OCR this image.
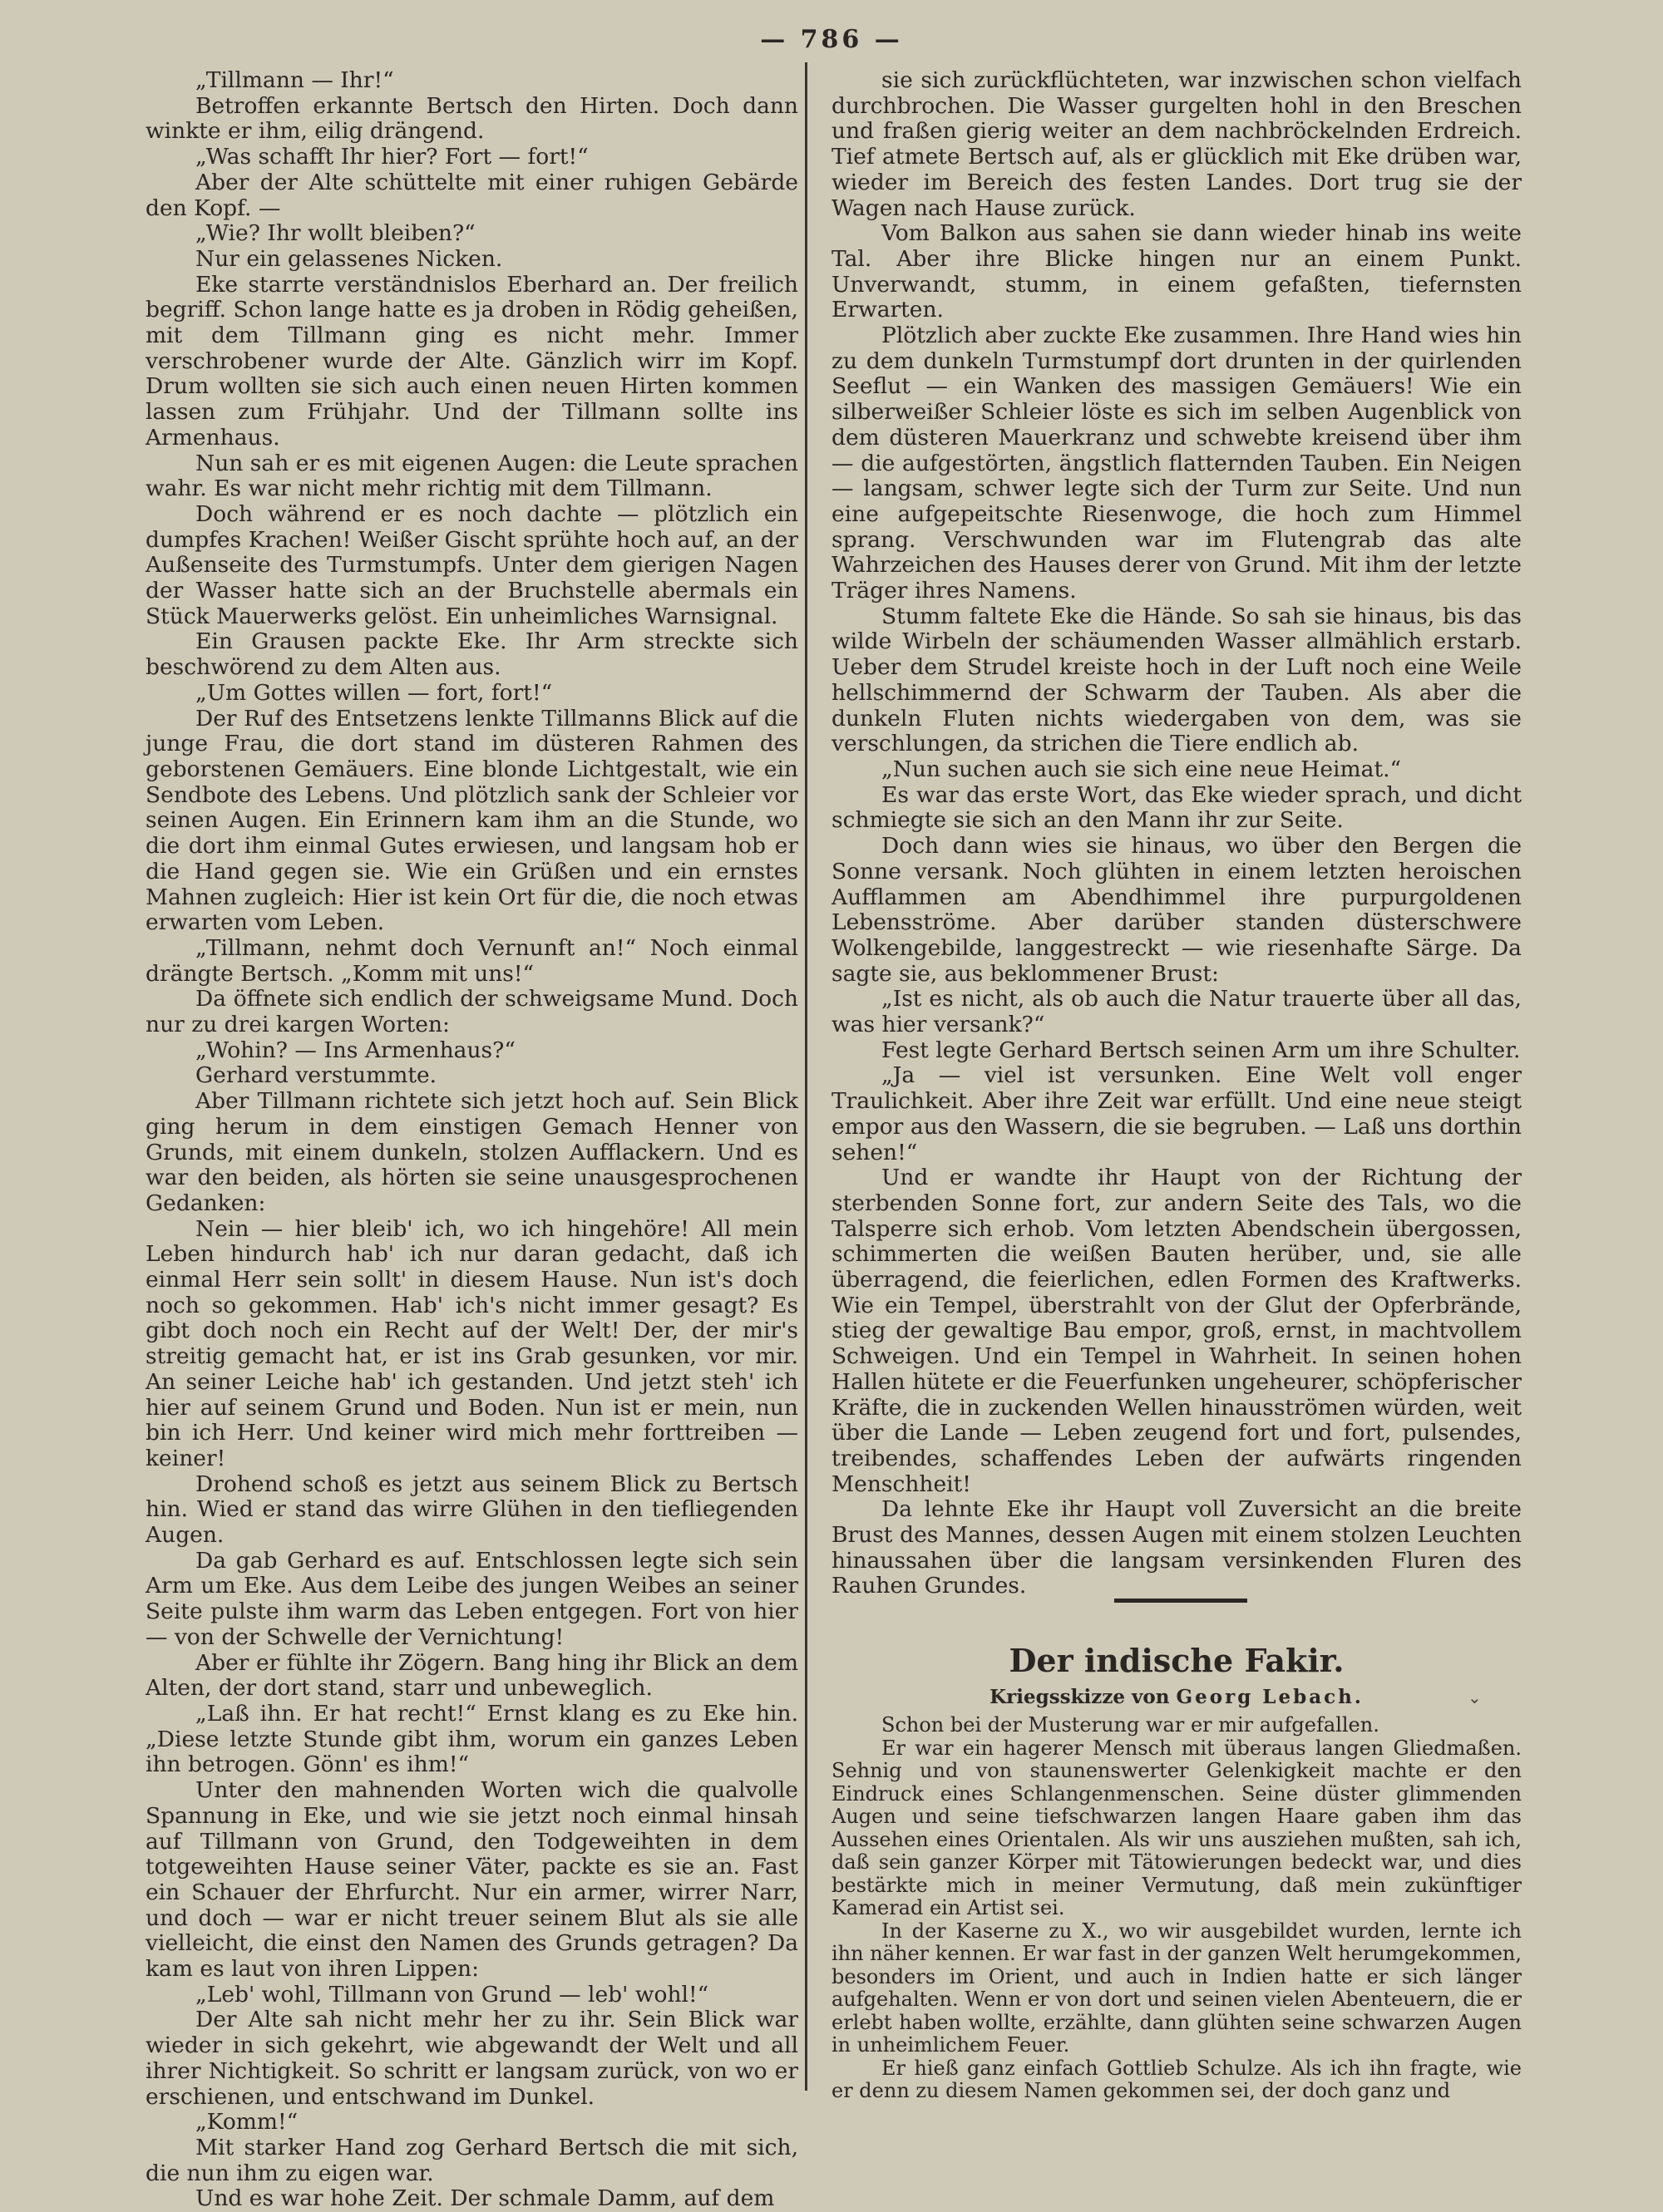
— 786 —

„Tillmann — Ihr!“

Betroffen erkannte Bertsch den Hirten. Doch dann winkte er ihm, eilig drängend.

„Was schafft Ihr hier? Fort — fort!“

Aber der Alte schüttelte mit einer ruhigen Gebärde den Kopf. —

„Wie? Ihr wollt bleiben?“

Nur ein gelassenes Nicken.

Eke starrte verständnislos Eberhard an. Der freilich begriff. Schon lange hatte es ja droben in Rödig geheißen, mit dem Tillmann ging es nicht mehr. Immer verschrobener wurde der Alte. Gänzlich wirr im Kopf. Drum wollten sie sich auch einen neuen Hirten kommen lassen zum Frühjahr. Und der Tillmann sollte ins Armenhaus.

Nun sah er es mit eigenen Augen: die Leute sprachen wahr. Es war nicht mehr richtig mit dem Tillmann.

Doch während er es noch dachte — plötzlich ein dumpfes Krachen! Weißer Gischt sprühte hoch auf, an der Außenseite des Turmstumpfs. Unter dem gierigen Nagen der Wasser hatte sich an der Bruchstelle abermals ein Stück Mauerwerks gelöst. Ein unheimliches Warnsignal.

Ein Grausen packte Eke. Ihr Arm streckte sich beschwörend zu dem Alten aus.

„Um Gottes willen — fort, fort!“

Der Ruf des Entsetzens lenkte Tillmanns Blick auf die junge Frau, die dort stand im düsteren Rahmen des geborstenen Gemäuers. Eine blonde Lichtgestalt, wie ein Sendbote des Lebens. Und plötzlich sank der Schleier vor seinen Augen. Ein Erinnern kam ihm an die Stunde, wo die dort ihm einmal Gutes erwiesen, und langsam hob er die Hand gegen sie. Wie ein Grüßen und ein ernstes Mahnen zugleich: Hier ist kein Ort für die, die noch etwas erwarten vom Leben.

„Tillmann, nehmt doch Vernunft an!“ Noch einmal drängte Bertsch. „Komm mit uns!“

Da öffnete sich endlich der schweigsame Mund. Doch nur zu drei kargen Worten:

„Wohin? — Ins Armenhaus?“

Gerhard verstummte.

Aber Tillmann richtete sich jetzt hoch auf. Sein Blick ging herum in dem einstigen Gemach Henner von Grunds, mit einem dunkeln, stolzen Aufflackern. Und es war den beiden, als hörten sie seine unausgesprochenen Gedanken:

Nein — hier bleib' ich, wo ich hingehöre! All mein Leben hindurch hab' ich nur daran gedacht, daß ich einmal Herr sein sollt' in diesem Hause. Nun ist's doch noch so gekommen. Hab' ich's nicht immer gesagt? Es gibt doch noch ein Recht auf der Welt! Der, der mir's streitig gemacht hat, er ist ins Grab gesunken, vor mir. An seiner Leiche hab' ich gestanden. Und jetzt steh' ich hier auf seinem Grund und Boden. Nun ist er mein, nun bin ich Herr. Und keiner wird mich mehr forttreiben — keiner!

Drohend schoß es jetzt aus seinem Blick zu Bertsch hin. Wied er stand das wirre Glühen in den tiefliegenden Augen.

Da gab Gerhard es auf. Entschlossen legte sich sein Arm um Eke. Aus dem Leibe des jungen Weibes an seiner Seite pulste ihm warm das Leben entgegen. Fort von hier — von der Schwelle der Vernichtung!

Aber er fühlte ihr Zögern. Bang hing ihr Blick an dem Alten, der dort stand, starr und unbeweglich.

„Laß ihn. Er hat recht!“ Ernst klang es zu Eke hin. „Diese letzte Stunde gibt ihm, worum ein ganzes Leben ihn betrogen. Gönn' es ihm!“

Unter den mahnenden Worten wich die qualvolle Spannung in Eke, und wie sie jetzt noch einmal hinsah auf Tillmann von Grund, den Todgeweihten in dem totgeweihten Hause seiner Väter, packte es sie an. Fast ein Schauer der Ehrfurcht. Nur ein armer, wirrer Narr, und doch — war er nicht treuer seinem Blut als sie alle vielleicht, die einst den Namen des Grunds getragen? Da kam es laut von ihren Lippen:

„Leb' wohl, Tillmann von Grund — leb' wohl!“

Der Alte sah nicht mehr her zu ihr. Sein Blick war wieder in sich gekehrt, wie abgewandt der Welt und all ihrer Nichtigkeit. So schritt er langsam zurück, von wo er erschienen, und entschwand im Dunkel.

„Komm!“

Mit starker Hand zog Gerhard Bertsch die mit sich, die nun ihm zu eigen war.

Und es war hohe Zeit. Der schmale Damm, auf dem

sie sich zurückflüchteten, war inzwischen schon vielfach durchbrochen. Die Wasser gurgelten hohl in den Breschen und fraßen gierig weiter an dem nachbröckelnden Erdreich. Tief atmete Bertsch auf, als er glücklich mit Eke drüben war, wieder im Bereich des festen Landes. Dort trug sie der Wagen nach Hause zurück.

Vom Balkon aus sahen sie dann wieder hinab ins weite Tal. Aber ihre Blicke hingen nur an einem Punkt. Unverwandt, stumm, in einem gefaßten, tiefernsten Erwarten.

Plötzlich aber zuckte Eke zusammen. Ihre Hand wies hin zu dem dunkeln Turmstumpf dort drunten in der quirlenden Seeflut — ein Wanken des massigen Gemäuers! Wie ein silberweißer Schleier löste es sich im selben Augenblick von dem düsteren Mauerkranz und schwebte kreisend über ihm — die aufgestörten, ängstlich flatternden Tauben. Ein Neigen — langsam, schwer legte sich der Turm zur Seite. Und nun eine aufgepeitschte Riesenwoge, die hoch zum Himmel sprang. Verschwunden war im Flutengrab das alte Wahrzeichen des Hauses derer von Grund. Mit ihm der letzte Träger ihres Namens.

Stumm faltete Eke die Hände. So sah sie hinaus, bis das wilde Wirbeln der schäumenden Wasser allmählich erstarb. Ueber dem Strudel kreiste hoch in der Luft noch eine Weile hellschimmernd der Schwarm der Tauben. Als aber die dunkeln Fluten nichts wiedergaben von dem, was sie verschlungen, da strichen die Tiere endlich ab.

„Nun suchen auch sie sich eine neue Heimat.“

Es war das erste Wort, das Eke wieder sprach, und dicht schmiegte sie sich an den Mann ihr zur Seite.

Doch dann wies sie hinaus, wo über den Bergen die Sonne versank. Noch glühten in einem letzten heroischen Aufflammen am Abendhimmel ihre purpurgoldenen Lebensströme. Aber darüber standen düsterschwere Wolkengebilde, langgestreckt — wie riesenhafte Särge. Da sagte sie, aus beklommener Brust:

„Ist es nicht, als ob auch die Natur trauerte über all das, was hier versank?“

Fest legte Gerhard Bertsch seinen Arm um ihre Schulter.

„Ja — viel ist versunken. Eine Welt voll enger Traulichkeit. Aber ihre Zeit war erfüllt. Und eine neue steigt empor aus den Wassern, die sie begruben. — Laß uns dorthin sehen!“

Und er wandte ihr Haupt von der Richtung der sterbenden Sonne fort, zur andern Seite des Tals, wo die Talsperre sich erhob. Vom letzten Abendschein übergossen, schimmerten die weißen Bauten herüber, und, sie alle überragend, die feierlichen, edlen Formen des Kraftwerks. Wie ein Tempel, überstrahlt von der Glut der Opferbrände, stieg der gewaltige Bau empor, groß, ernst, in machtvollem Schweigen. Und ein Tempel in Wahrheit. In seinen hohen Hallen hütete er die Feuerfunken ungeheurer, schöpferischer Kräfte, die in zuckenden Wellen hinausströmen würden, weit über die Lande — Leben zeugend fort und fort, pulsendes, treibendes, schaffendes Leben der aufwärts ringenden Menschheit!

Da lehnte Eke ihr Haupt voll Zuversicht an die breite Brust des Mannes, dessen Augen mit einem stolzen Leuchten hinaussahen über die langsam versinkenden Fluren des Rauhen Grundes.

Der indische Fakir.
Kriegsskizze von Georg Lebach.	⌄

Schon bei der Musterung war er mir aufgefallen.

Er war ein hagerer Mensch mit überaus langen Gliedmaßen. Sehnig und von staunenswerter Gelenkigkeit machte er den Eindruck eines Schlangenmenschen. Seine düster glimmenden Augen und seine tiefschwarzen langen Haare gaben ihm das Aussehen eines Orientalen. Als wir uns ausziehen mußten, sah ich, daß sein ganzer Körper mit Tätowierungen bedeckt war, und dies bestärkte mich in meiner Vermutung, daß mein zukünftiger Kamerad ein Artist sei.

In der Kaserne zu X., wo wir ausgebildet wurden, lernte ich ihn näher kennen. Er war fast in der ganzen Welt herumgekommen, besonders im Orient, und auch in Indien hatte er sich länger aufgehalten. Wenn er von dort und seinen vielen Abenteuern, die er erlebt haben wollte, erzählte, dann glühten seine schwarzen Augen in unheimlichem Feuer.

Er hieß ganz einfach Gottlieb Schulze. Als ich ihn fragte, wie er denn zu diesem Namen gekommen sei, der doch ganz und
